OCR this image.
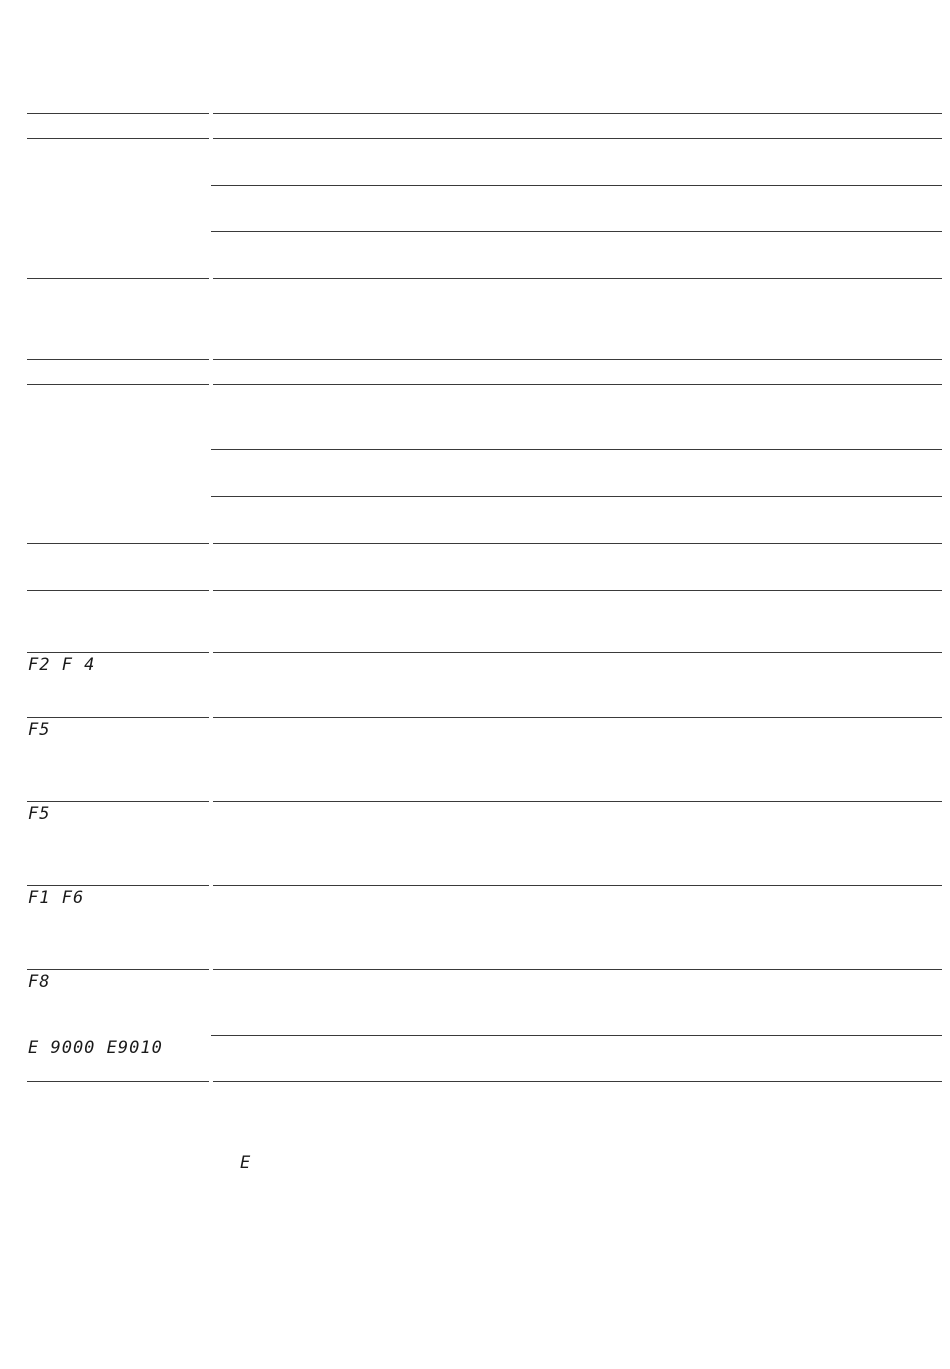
F2 F 4
F5
F5
F1 F6
F8
E 9000 E9010
E
